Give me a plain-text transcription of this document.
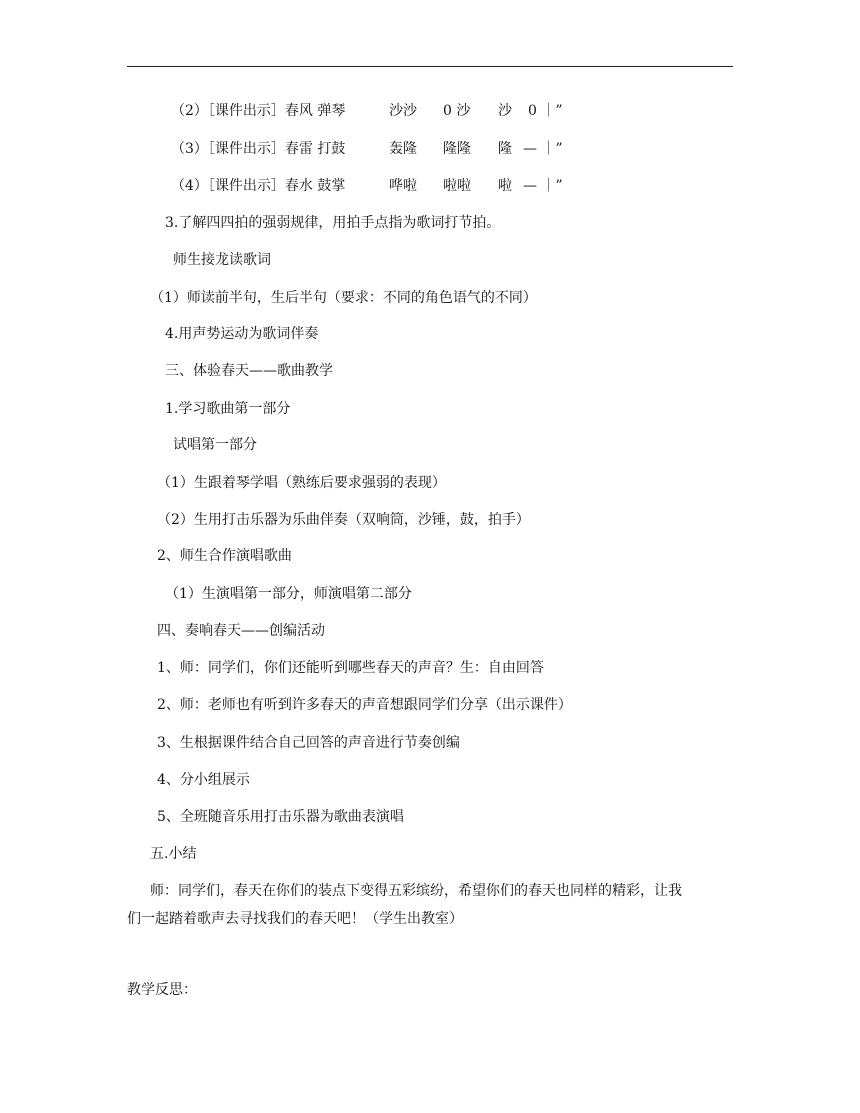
（2）［课件出示］春风 弹琴	沙沙 0 沙 沙 0 ｜”
（3）［课件出示］春雷 打鼓	轰隆 隆隆 隆 — ｜”
（4）［课件出示］春水 鼓掌	哗啦 啦啦 啦 — ｜”
3.了解四四拍的强弱规律，用拍手点指为歌词打节拍。
师生接龙读歌词
（1）师读前半句，生后半句（要求：不同的角色语气的不同）
4.用声势运动为歌词伴奏
三、体验春天——歌曲教学
1.学习歌曲第一部分
试唱第一部分
（1）生跟着琴学唱（熟练后要求强弱的表现）
（2）生用打击乐器为乐曲伴奏（双响筒，沙锤，鼓，拍手）
2、师生合作演唱歌曲
（1）生演唱第一部分，师演唱第二部分
四、奏响春天——创编活动
1、师：同学们，你们还能听到哪些春天的声音？生：自由回答
2、师：老师也有听到许多春天的声音想跟同学们分享（出示课件）
3、生根据课件结合自己回答的声音进行节奏创编
4、分小组展示
5、全班随音乐用打击乐器为歌曲表演唱
五.小结
师：同学们，春天在你们的装点下变得五彩缤纷，希望你们的春天也同样的精彩，让我
们一起踏着歌声去寻找我们的春天吧！（学生出教室）
教学反思：
